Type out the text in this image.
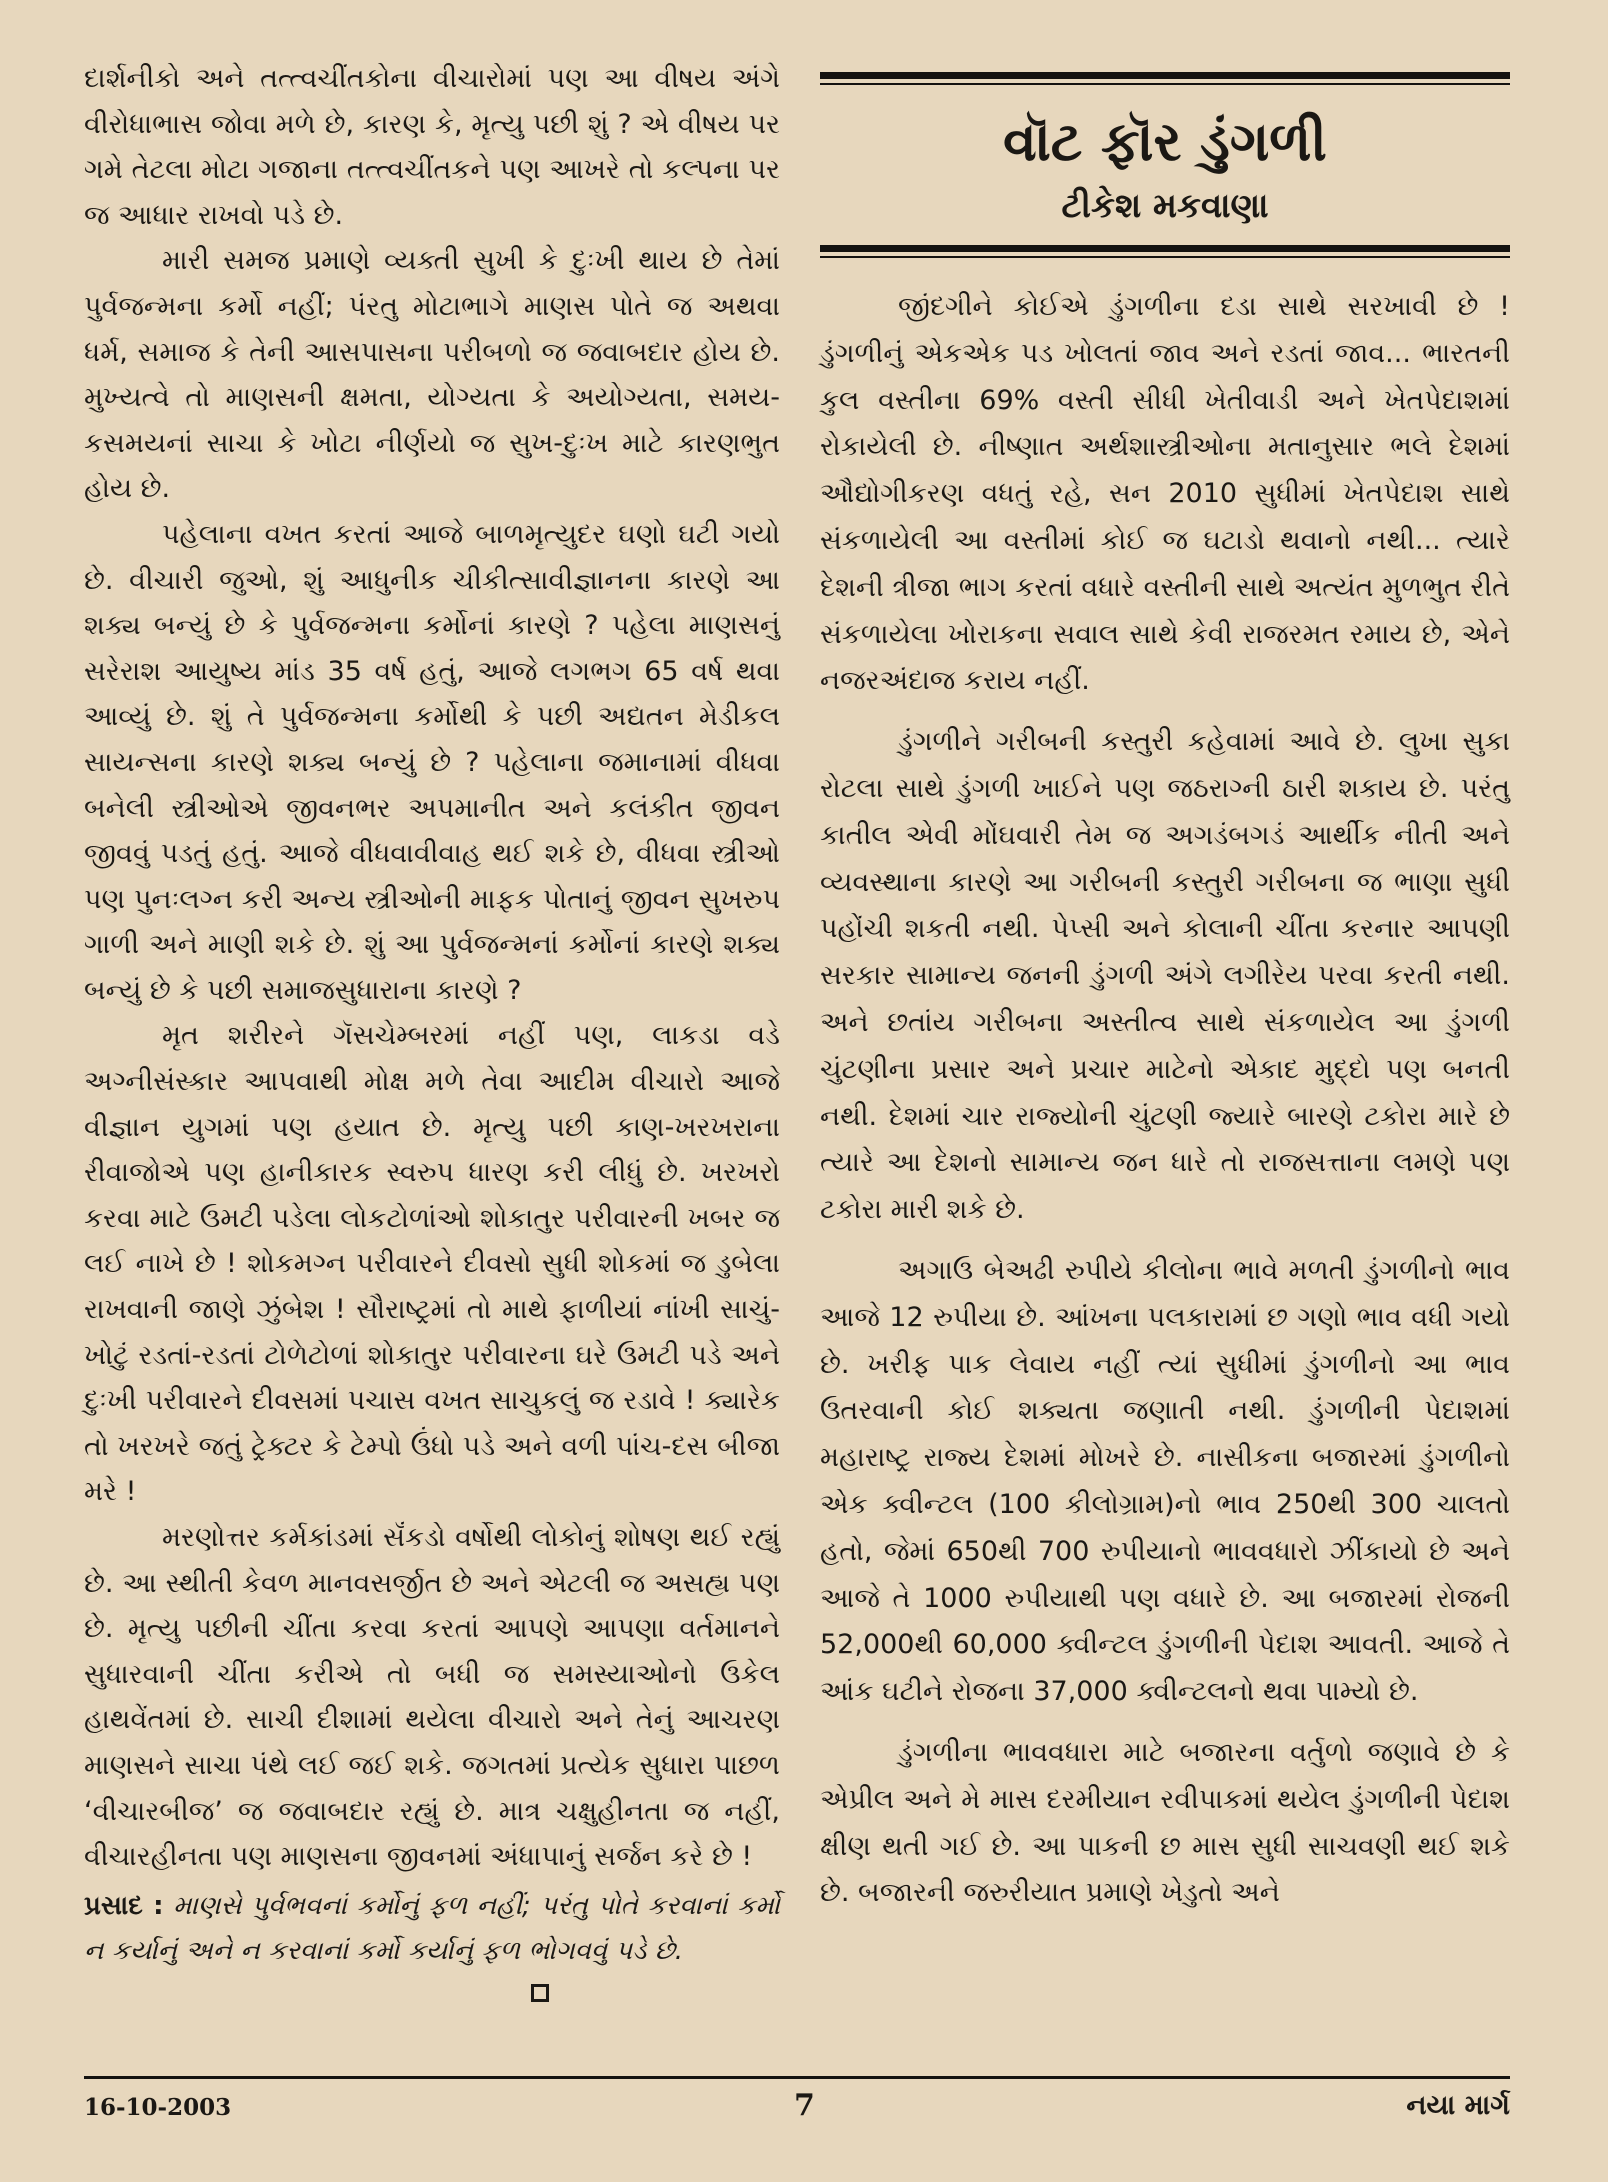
દાર્શનીકો અને તત્ત્વચીંતકોના વીચારોમાં પણ આ વીષય અંગે વીરોધાભાસ જોવા મળે છે, કારણ કે, મૃત્યુ પછી શું ? એ વીષય પર ગમે તેટલા મોટા ગજાના તત્ત્વચીંતકને પણ આખરે તો કલ્પના પર જ આધાર રાખવો પડે છે.

મારી સમજ પ્રમાણે વ્યક્તી સુખી કે દુઃખી થાય છે તેમાં પુર્વજન્મના કર્મો નહીં; પંરતુ મોટાભાગે માણસ પોતે જ અથવા ધર્મ, સમાજ કે તેની આસપાસના પરીબળો જ જવાબદાર હોય છે. મુખ્યત્વે તો માણસની ક્ષમતા, યોગ્યતા કે અયોગ્યતા, સમય-કસમયનાં સાચા કે ખોટા નીર્ણયો જ સુખ-દુઃખ માટે કારણભુત હોય છે.

પહેલાના વખત કરતાં આજે બાળમૃત્યુદર ઘણો ઘટી ગયો છે. વીચારી જુઓ, શું આધુનીક ચીકીત્સાવીજ્ઞાનના કારણે આ શક્ય બન્યું છે કે પુર્વજન્મના કર્મોનાં કારણે ? પહેલા માણસનું સરેરાશ આયુષ્ય માંડ 35 વર્ષ હતું, આજે લગભગ 65 વર્ષ થવા આવ્યું છે. શું તે પુર્વજન્મના કર્મોથી કે પછી અદ્યતન મેડીકલ સાયન્સના કારણે શક્ય બન્યું છે ? પહેલાના જમાનામાં વીધવા બનેલી સ્ત્રીઓએ જીવનભર અપમાનીત અને કલંકીત જીવન જીવવું પડતું હતું. આજે વીધવાવીવાહ થઈ શકે છે, વીધવા સ્ત્રીઓ પણ પુનઃલગ્ન કરી અન્ય સ્ત્રીઓની માફક પોતાનું જીવન સુખરુપ ગાળી અને માણી શકે છે. શું આ પુર્વજન્મનાં કર્મોનાં કારણે શક્ય બન્યું છે કે પછી સમાજસુધારાના કારણે ?

મૃત શરીરને ગૅસચેમ્બરમાં નહીં પણ, લાકડા વડે અગ્નીસંસ્કાર આપવાથી મોક્ષ મળે તેવા આદીમ વીચારો આજે વીજ્ઞાન યુગમાં પણ હયાત છે. મૃત્યુ પછી કાણ-ખરખરાના રીવાજોએ પણ હાનીકારક સ્વરુપ ધારણ કરી લીધું છે. ખરખરો કરવા માટે ઉમટી પડેલા લોકટોળાંઓ શોકાતુર પરીવારની ખબર જ લઈ નાખે છે ! શોકમગ્ન પરીવારને દીવસો સુધી શોકમાં જ ડુબેલા રાખવાની જાણે ઝુંબેશ ! સૌરાષ્ટ્રમાં તો માથે ફાળીયાં નાંખી સાચું-ખોટું રડતાં-રડતાં ટોળેટોળાં શોકાતુર પરીવારના ઘરે ઉમટી પડે અને દુઃખી પરીવારને દીવસમાં પચાસ વખત સાચુકલું જ રડાવે ! ક્યારેક તો ખરખરે જતું ટ્રેક્ટર કે ટેમ્પો ઉંધો પડે અને વળી પાંચ-દસ બીજા મરે !

મરણોત્તર કર્મકાંડમાં સૅંકડો વર્ષોથી લોકોનું શોષણ થઈ રહ્યું છે. આ સ્થીતી કેવળ માનવસર્જીત છે અને એટલી જ અસહ્ય પણ છે. મૃત્યુ પછીની ચીંતા કરવા કરતાં આપણે આપણા વર્તમાનને સુધારવાની ચીંતા કરીએ તો બધી જ સમસ્યાઓનો ઉકેલ હાથવેંતમાં છે. સાચી દીશામાં થયેલા વીચારો અને તેનું આચરણ માણસને સાચા પંથે લઈ જઈ શકે. જગતમાં પ્રત્યેક સુધારા પાછળ ‘વીચારબીજ’ જ જવાબદાર રહ્યું છે. માત્ર ચક્ષુહીનતા જ નહીં, વીચારહીનતા પણ માણસના જીવનમાં અંધાપાનું સર્જન કરે છે !

પ્રસાદ : માણસે પુર્વભવનાં કર્મોનું ફળ નહીં; પરંતુ પોતે કરવાનાં કર્મો ન કર્યાનું અને ન કરવાનાં કર્મો કર્યાનું ફળ ભોગવવું પડે છે.
વૉટ ફૉર ડુંગળી
ટીકેશ મકવાણા

જીંદગીને કોઈએ ડુંગળીના દડા સાથે સરખાવી છે ! ડુંગળીનું એકએક પડ ખોલતાં જાવ અને રડતાં જાવ... ભારતની કુલ વસ્તીના 69% વસ્તી સીધી ખેતીવાડી અને ખેતપેદાશમાં રોકાયેલી છે. નીષ્ણાત અર્થશાસ્ત્રીઓના મતાનુસાર ભલે દેશમાં ઔદ્યોગીકરણ વધતું રહે, સન 2010 સુધીમાં ખેતપેદાશ સાથે સંકળાયેલી આ વસ્તીમાં કોઈ જ ઘટાડો થવાનો નથી... ત્યારે દેશની ત્રીજા ભાગ કરતાં વધારે વસ્તીની સાથે અત્યંત મુળભુત રીતે સંકળાયેલા ખોરાકના સવાલ સાથે કેવી રાજરમત રમાય છે, એને નજરઅંદાજ કરાય નહીં.

ડુંગળીને ગરીબની કસ્તુરી કહેવામાં આવે છે. લુખા સુકા રોટલા સાથે ડુંગળી ખાઈને પણ જઠરાગ્ની ઠારી શકાય છે. પરંતુ કાતીલ એવી મોંઘવારી તેમ જ અગડંબગડં આર્થીક નીતી અને વ્યવસ્થાના કારણે આ ગરીબની કસ્તુરી ગરીબના જ ભાણા સુધી પહોંચી શકતી નથી. પેપ્સી અને કોલાની ચીંતા કરનાર આપણી સરકાર સામાન્ય જનની ડુંગળી અંગે લગીરેય પરવા કરતી નથી. અને છતાંય ગરીબના અસ્તીત્વ સાથે સંકળાયેલ આ ડુંગળી ચુંટણીના પ્રસાર અને પ્રચાર માટેનો એકાદ મુદ્દો પણ બનતી નથી. દેશમાં ચાર રાજ્યોની ચુંટણી જ્યારે બારણે ટકોરા મારે છે ત્યારે આ દેશનો સામાન્ય જન ધારે તો રાજસત્તાના લમણે પણ ટકોરા મારી શકે છે.

અગાઉ બેઅઢી રુપીયે કીલોના ભાવે મળતી ડુંગળીનો ભાવ આજે 12 રુપીયા છે. આંખના પલકારામાં છ ગણો ભાવ વધી ગયો છે. ખરીફ પાક લેવાય નહીં ત્યાં સુધીમાં ડુંગળીનો આ ભાવ ઉતરવાની કોઈ શક્યતા જણાતી નથી. ડુંગળીની પેદાશમાં મહારાષ્ટ્ર રાજ્ય દેશમાં મોખરે છે. નાસીકના બજારમાં ડુંગળીનો એક ક્વીન્ટલ (100 કીલોગ્રામ)નો ભાવ 250થી 300 ચાલતો હતો, જેમાં 650થી 700 રુપીયાનો ભાવવધારો ઝીંકાયો છે અને આજે તે 1000 રુપીયાથી પણ વધારે છે. આ બજારમાં રોજની 52,000થી 60,000 ક્વીન્ટલ ડુંગળીની પેદાશ આવતી. આજે તે આંક ઘટીને રોજના 37,000 ક્વીન્ટલનો થવા પામ્યો છે.

ડુંગળીના ભાવવધારા માટે બજારના વર્તુળો જણાવે છે કે એપ્રીલ અને મે માસ દરમીયાન રવીપાકમાં થયેલ ડુંગળીની પેદાશ ક્ષીણ થતી ગઈ છે. આ પાકની છ માસ સુધી સાચવણી થઈ શકે છે. બજારની જરુરીયાત પ્રમાણે ખેડુતો અને

16-10-2003	7	નયા માર્ગ
